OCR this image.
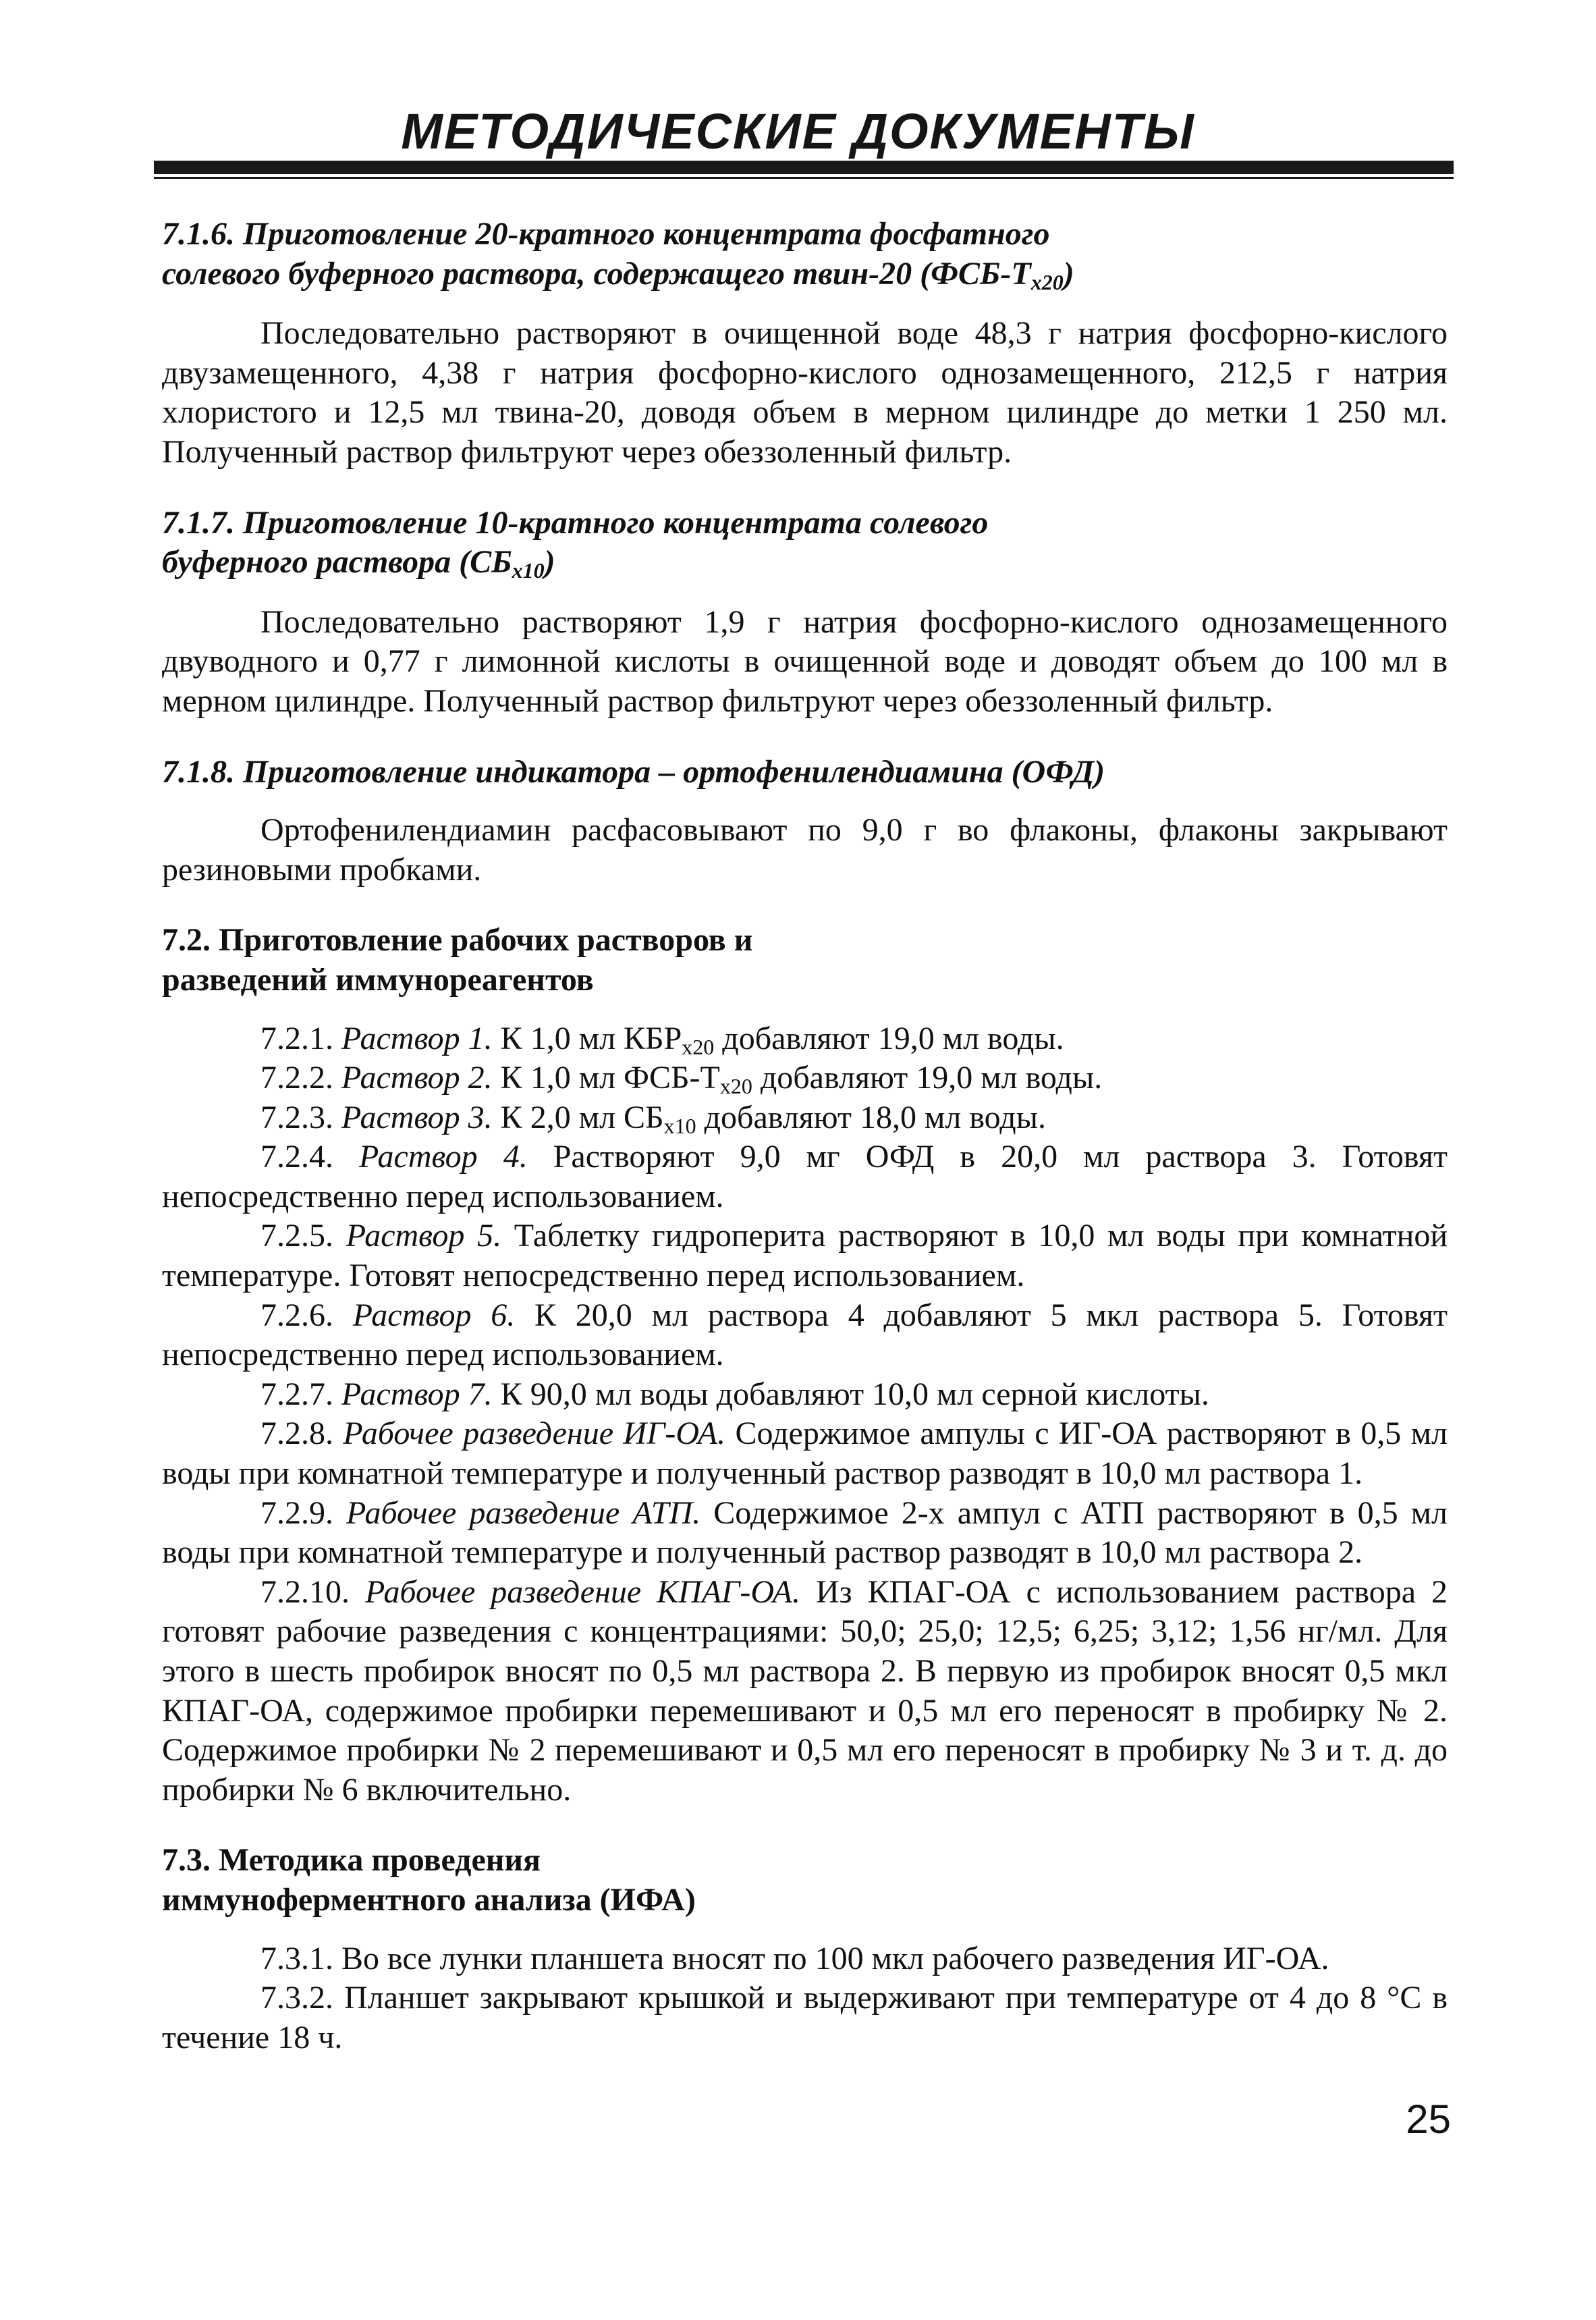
МЕТОДИЧЕСКИЕ ДОКУМЕНТЫ

7.1.6. Приготовление 20-кратного концентрата фосфатного
солевого буферного раствора, содержащего твин-20 $(ФСБ-Т_{х20})$

Последовательно растворяют в очищенной воде 48,3 г натрия фосфорно-кислого двузамещенного, 4,38 г натрия фосфорно-кислого однозамещенного, 212,5 г натрия хлористого и 12,5 мл твина-20, доводя объем в мерном цилиндре до метки 1 250 мл. Полученный раствор фильтруют через обеззоленный фильтр.

7.1.7. Приготовление 10-кратного концентрата солевого
буферного раствора $(СБ_{х10})$

Последовательно растворяют 1,9 г натрия фосфорно-кислого однозамещенного двуводного и 0,77 г лимонной кислоты в очищенной воде и доводят объем до 100 мл в мерном цилиндре. Полученный раствор фильтруют через обеззоленный фильтр.

7.1.8. Приготовление индикатора – ортофенилендиамина (ОФД)

Ортофенилендиамин расфасовывают по 9,0 г во флаконы, флаконы закрывают резиновыми пробками.

7.2. Приготовление рабочих растворов и
разведений иммунореагентов

7.2.1. Раствор 1. К 1,0 мл $КБР_{х20}$ добавляют 19,0 мл воды.

7.2.2. Раствор 2. К 1,0 мл ФСБ-$Т_{х20}$ добавляют 19,0 мл воды.

7.2.3. Раствор 3. К 2,0 мл $СБ_{х10}$ добавляют 18,0 мл воды.

7.2.4. Раствор 4. Растворяют 9,0 мг ОФД в 20,0 мл раствора 3. Готовят непосредственно перед использованием.

7.2.5. Раствор 5. Таблетку гидроперита растворяют в 10,0 мл воды при комнатной температуре. Готовят непосредственно перед использованием.

7.2.6. Раствор 6. К 20,0 мл раствора 4 добавляют 5 мкл раствора 5. Готовят непосредственно перед использованием.

7.2.7. Раствор 7. К 90,0 мл воды добавляют 10,0 мл серной кислоты.

7.2.8. Рабочее разведение ИГ-ОА. Содержимое ампулы с ИГ-ОА растворяют в 0,5 мл воды при комнатной температуре и полученный раствор разводят в 10,0 мл раствора 1.

7.2.9. Рабочее разведение АТП. Содержимое 2-х ампул с АТП растворяют в 0,5 мл воды при комнатной температуре и полученный раствор разводят в 10,0 мл раствора 2.

7.2.10. Рабочее разведение КПАГ-ОА. Из КПАГ-ОА с использованием раствора 2 готовят рабочие разведения с концентрациями: 50,0; 25,0; 12,5; 6,25; 3,12; 1,56 нг/мл. Для этого в шесть пробирок вносят по 0,5 мл раствора 2. В первую из пробирок вносят 0,5 мкл КПАГ-ОА, содержимое пробирки перемешивают и 0,5 мл его переносят в пробирку № 2. Содержимое пробирки № 2 перемешивают и 0,5 мл его переносят в пробирку № 3 и т. д. до пробирки № 6 включительно.

7.3. Методика проведения
иммуноферментного анализа (ИФА)

7.3.1. Во все лунки планшета вносят по 100 мкл рабочего разведения ИГ-ОА.

7.3.2. Планшет закрывают крышкой и выдерживают при температуре от 4 до 8 °С в течение 18 ч.

25
